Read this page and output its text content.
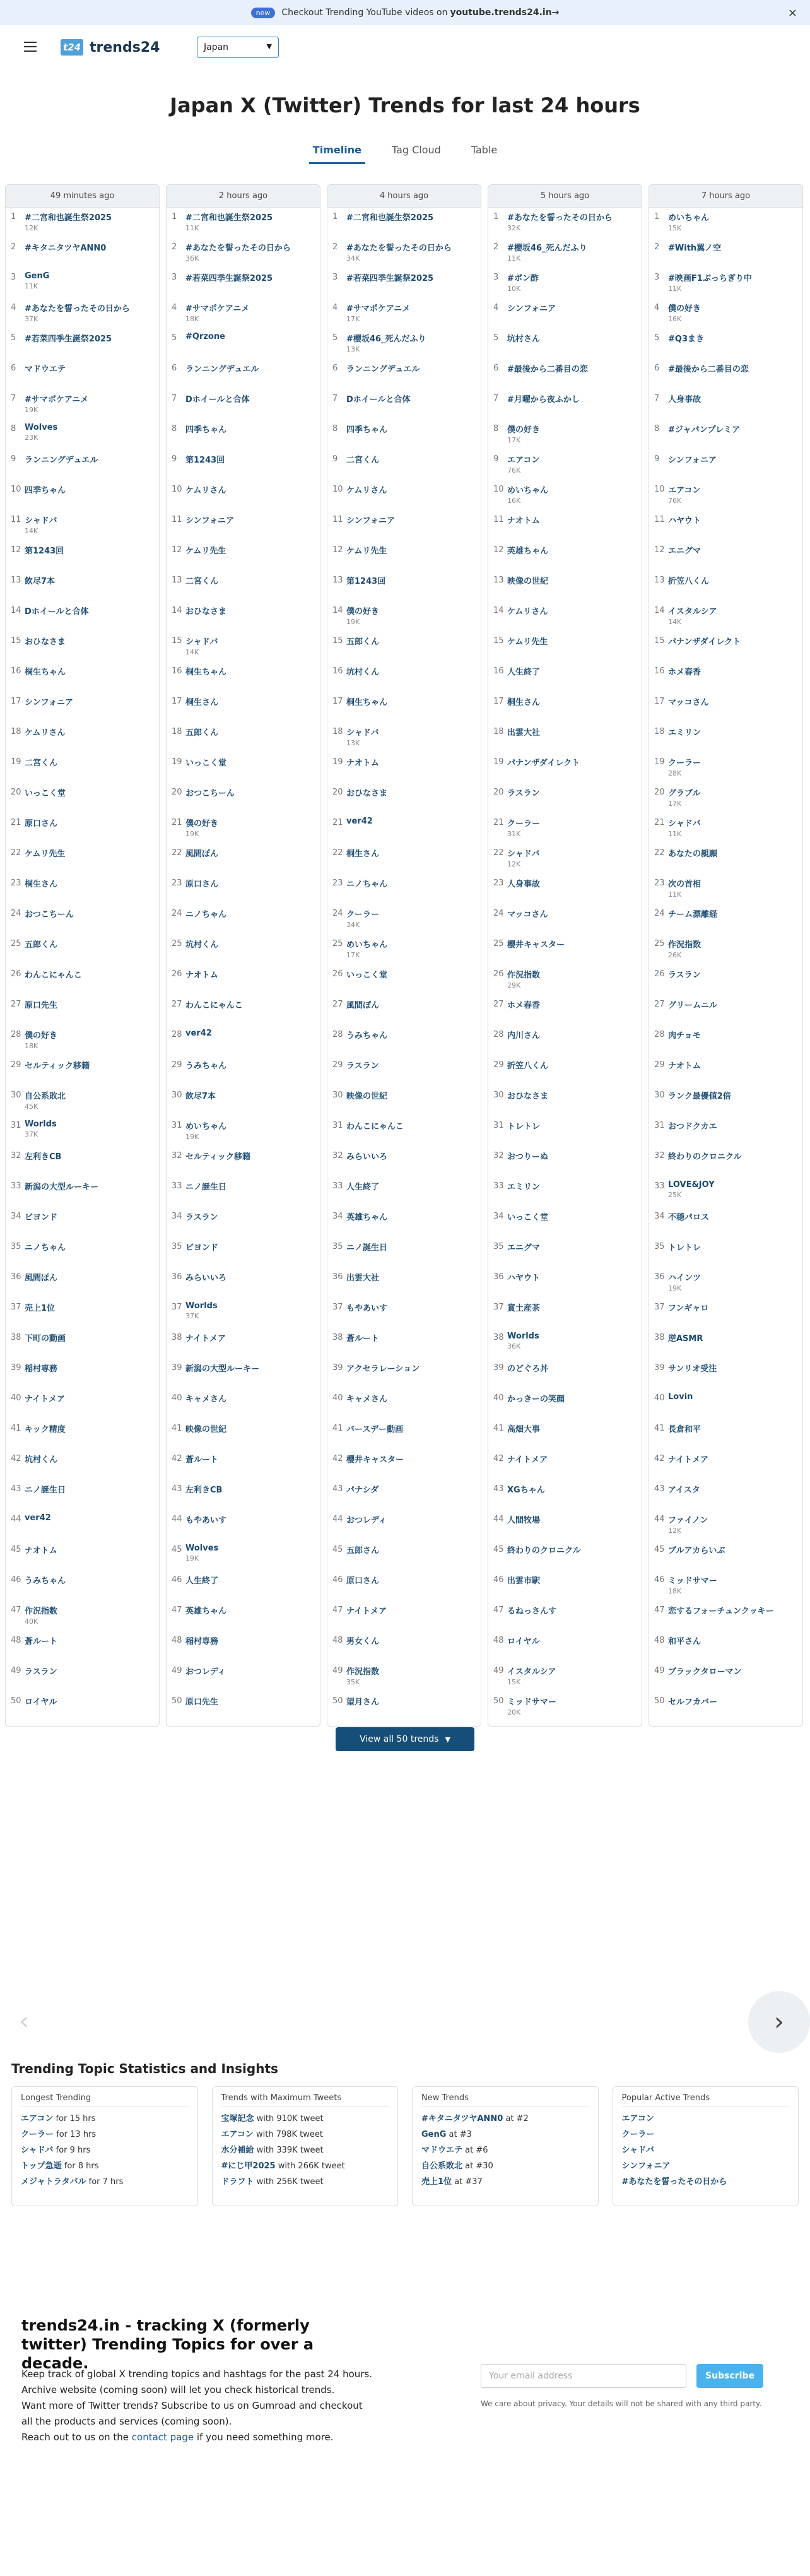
new	Checkout Trending YouTube videos on youtube.trends24.in→	×
t24 trends24	Japan	▼
Japan X (Twitter) Trends for last 24 hours
Timeline	Tag Cloud	Table
49 minutes ago
1	#二宮和也誕生祭2025
12K
2	#キタニタツヤANN0
3	GenG
11K
4	#あなたを誓ったその日から
37K
5	#若菜四季生誕祭2025
6	マドウエテ
7	#サマポケアニメ
19K
8	Wolves
23K
9	ランニングデュエル
10 四季ちゃん
11 シャドバ
14K
12 第1243回
13 飲尽7本
14 Dホイールと合体
15 おひなさま
16 桐生ちゃん
17 シンフォニア
18 ケムリさん
19 二宮くん
20 いっこく堂
21 原口さん
22 ケムリ先生
23 桐生さん
24 おつこちーん
25 五郎くん
26 わんこにゃんこ
27 原口先生
28 僕の好き
18K
29 セルティック移籍
30 自公系敗北
45K
31 Worlds
37K
32 左利きCB
33 新潟の大型ルーキー
34 ビヨンド
35 ニノちゃん
36 風間ぽん
37 売上1位
38 下町の動画
39 稲村専務
40 ナイトメア
41 キック精度
42 坑村くん
43 ニノ誕生日
44 ver42
45 ナオトム
46 うみちゃん
47 作況指数
40K
48 蒼ルート
49 ラスラン
50 ロイヤル
2 hours ago
1	#二宮和也誕生祭2025
11K
2	#あなたを誓ったその日から
36K
3	#若菜四季生誕祭2025
4	#サマポケアニメ
18K
5	#Qrzone
6	ランニングデュエル
7	Dホイールと合体
8	四季ちゃん
9	第1243回
10 ケムリさん
11 シンフォニア
12 ケムリ先生
13 二宮くん
14 おひなさま
15 シャドバ
14K
16 桐生ちゃん
17 桐生さん
18 五郎くん
19 いっこく堂
20 おつこちーん
21 僕の好き
19K
22 風間ぽん
23 原口さん
24 ニノちゃん
25 坑村くん
26 ナオトム
27 わんこにゃんこ
28 ver42
29 うみちゃん
30 飲尽7本
31 めいちゃん
19K
32 セルティック移籍
33 ニノ誕生日
34 ラスラン
35 ビヨンド
36 みらいいろ
37 Worlds
37K
38 ナイトメア
39 新潟の大型ルーキー
40 キャメさん
41 映像の世紀
42 蒼ルート
43 左利きCB
44 もやあいす
45 Wolves
19K
46 人生終了
47 英雄ちゃん
48 稲村専務
49 おつレディ
50 原口先生
4 hours ago
1	#二宮和也誕生祭2025
2	#あなたを誓ったその日から
34K
3	#若菜四季生誕祭2025
4	#サマポケアニメ
17K
5	#櫻坂46_死んだふり
13K
6	ランニングデュエル
7	Dホイールと合体
8	四季ちゃん
9	二宮くん
10 ケムリさん
11 シンフォニア
12 ケムリ先生
13 第1243回
14 僕の好き
19K
15 五郎くん
16 坑村くん
17 桐生ちゃん
18 シャドバ
13K
19 ナオトム
20 おひなさま
21 ver42
22 桐生さん
23 ニノちゃん
24 クーラー
34K
25 めいちゃん
17K
26 いっこく堂
27 風間ぽん
28 うみちゃん
29 ラスラン
30 映像の世紀
31 わんこにゃんこ
32 みらいいろ
33 人生終了
34 英雄ちゃん
35 ニノ誕生日
36 出雲大社
37 もやあいす
38 蒼ルート
39 アクセラレーション
40 キャメさん
41 バースデー動画
42 櫻井キャスター
43 パナシダ
44 おつレディ
45 五郎さん
46 原口さん
47 ナイトメア
48 男女くん
49 作況指数
35K
50 望月さん
5 hours ago
1	#あなたを誓ったその日から
32K
2	#櫻坂46_死んだふり
11K
3	#ポン酢
10K
4	シンフォニア
5	坑村さん
6	#最後から二番目の恋
7	#月曜から夜ふかし
8	僕の好き
17K
9	エアコン
76K
10 めいちゃん
16K
11 ナオトム
12 英雄ちゃん
13 映像の世紀
14 ケムリさん
15 ケムリ先生
16 人生終了
17 桐生さん
18 出雲大社
19 パナンザダイレクト
20 ラスラン
21 クーラー
31K
22 シャドバ
12K
23 人身事故
24 マッコさん
25 櫻井キャスター
26 作況指数
29K
27 ホメ春香
28 内川さん
29 折笠八くん
30 おひなさま
31 トレトレ
32 おつりーぬ
33 エミリン
34 いっこく堂
35 エニグマ
36 ハヤウト
37 賞土産茶
38 Worlds
36K
39 のどぐろ丼
40 かっきーの笑顔
41 高畑大事
42 ナイトメア
43 XGちゃん
44 人間牧場
45 終わりのクロニクル
46 出雲市駅
47 るねっさんす
48 ロイヤル
49 イスタルシア
15K
50 ミッドサマー
20K
7 hours ago
1	めいちゃん
15K
2	#With翼ノ空
3	#映画F1ぶっちぎり中
11K
4	僕の好き
16K
5	#Q3まき
6	#最後から二番目の恋
7	人身事故
8	#ジャパンプレミア
9	シンフォニア
10 エアコン
76K
11 ハヤウト
12 エニグマ
13 折笠八くん
14 イスタルシア
14K
15 パナンザダイレクト
16 ホメ春香
17 マッコさん
18 エミリン
19 クーラー
28K
20 グラブル
17K
21 シャドバ
11K
22 あなたの親願
23 次の首相
11K
24 チーム漂離経
25 作況指数
26K
26 ラスラン
27 グリームニル
28 肉チョモ
29 ナオトム
30 ランク最優値2倍
31 おつドクカエ
32 終わりのクロニクル
33 LOVE&JOY
25K
34 不穏パロス
35 トレトレ
36 ハインツ
19K
37 フンギャロ
38 逆ASMR
39 サンリオ受注
40 Lovin
41 長倉和平
42 ナイトメア
43 アイスタ
44 ファイノン
12K
45 ブルアカらいぶ
46 ミッドサマー
18K
47 恋するフォーチュンクッキー
48 和平さん
49 ブラックタローマン
50 セルフカバー
View all 50 trends ▼
‹	›
Trending Topic Statistics and Insights
Longest Trending
エアコン for 15 hrs
クーラー for 13 hrs
シャドバ for 9 hrs
トップ急逝 for 8 hrs
メジャトラタバル for 7 hrs
Trends with Maximum Tweets
宝塚記念 with 910K tweet
エアコン with 798K tweet
水分補給 with 339K tweet
#にじ甲2025 with 266K tweet
ドラフト with 256K tweet
New Trends
#キタニタツヤANN0 at #2
GenG at #3
マドウエテ at #6
自公系敗北 at #30
売上1位 at #37
Popular Active Trends
エアコン
クーラー
シャドバ
シンフォニア
#あなたを誓ったその日から
trends24.in - tracking X (formerly twitter) Trending Topics for over a decade.
Keep track of global X trending topics and hashtags for the past 24 hours.
Archive website (coming soon) will let you check historical trends.
Want more of Twitter trends? Subscribe to us on Gumroad and checkout all the products and services (coming soon).
Reach out to us on the contact page if you need something more.
Your email address
Subscribe
We care about privacy. Your details will not be shared with any third party.
